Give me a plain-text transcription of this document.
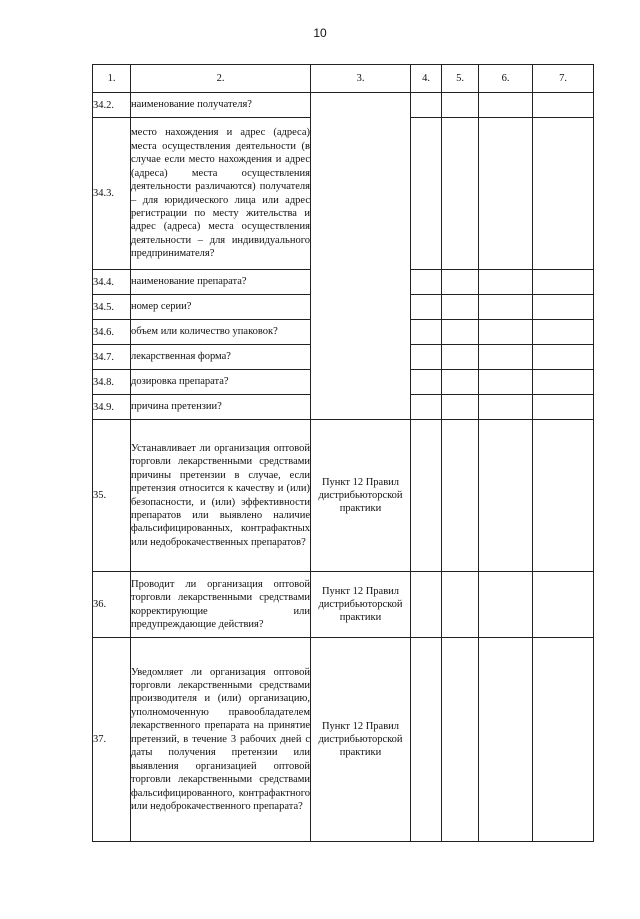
10
1.	2.	3.	4.	5.	6.	7.
34.2.	наименование получателя?					
34.3.	место нахождения и адрес (адреса) места осуществления деятельности (в случае если место нахождения и адрес (адреса) места осуществления деятельности различаются) получателя – для юридического лица или адрес регистрации по месту жительства и адрес (адреса) места осуществления деятельности – для индивидуального предпринимателя?					
34.4.	наименование препарата?					
34.5.	номер серии?					
34.6.	объем или количество упаковок?					
34.7.	лекарственная форма?					
34.8.	дозировка препарата?					
34.9.	причина претензии?					
35.	Устанавливает ли организация оптовой торговли лекарственными средствами причины претензии в случае, если претензия относится к качеству и (или) безопасности, и (или) эффективности препаратов или выявлено наличие фальсифицированных, контрафактных или недоброкачественных препаратов?	Пункт 12 Правил дистрибьюторской практики				
36.	Проводит ли организация оптовой торговли лекарственными средствами корректирующие или предупреждающие действия?	Пункт 12 Правил дистрибьюторской практики				
37.	Уведомляет ли организация оптовой торговли лекарственными средствами производителя и (или) организацию, уполномоченную правообладателем лекарственного препарата на принятие претензий, в течение 3 рабочих дней с даты получения претензии или выявления организацией оптовой торговли лекарственными средствами фальсифицированного, контрафактного или недоброкачественного препарата?	Пункт 12 Правил дистрибьюторской практики				
